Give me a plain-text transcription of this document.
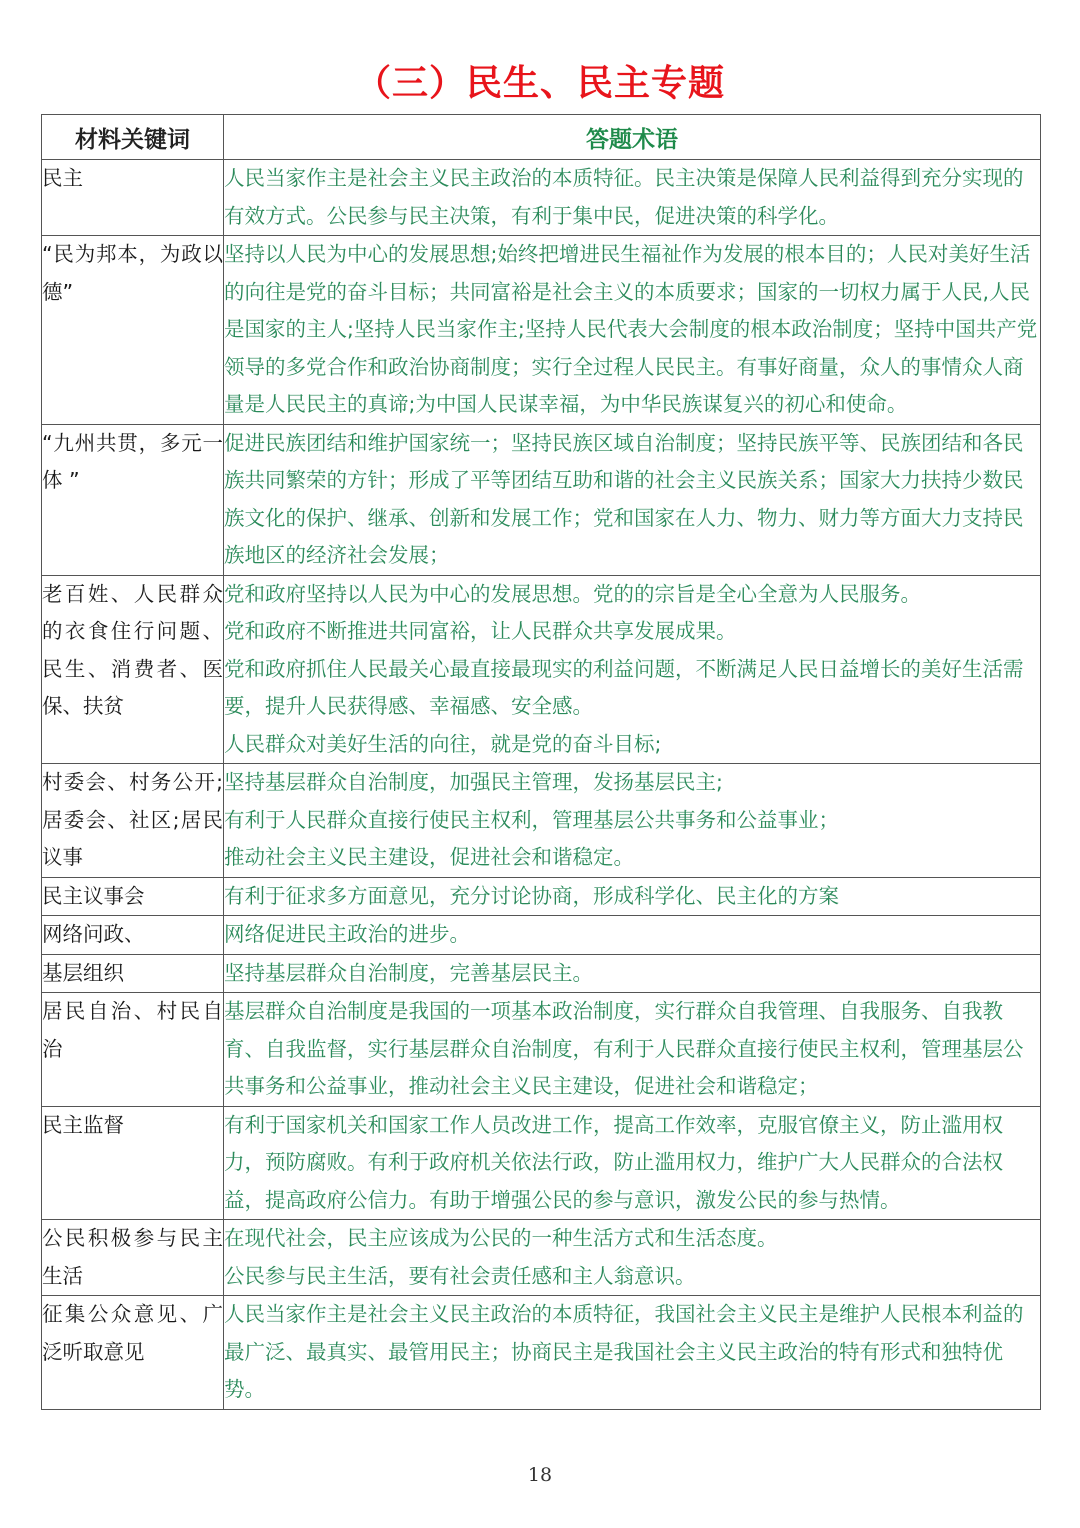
（三）民生、民主专题
材料关键词	答题术语
民主	人民当家作主是社会主义民主政治的本质特征。民主决策是保障人民利益得到充分实现的有效方式。公民参与民主决策，有利于集中民，促进决策的科学化。

“民为邦本，为政以德”	坚持以人民为中心的发展思想;始终把增进民生福祉作为发展的根本目的；人民对美好生活的向往是党的奋斗目标；共同富裕是社会主义的本质要求；国家的一切权力属于人民,人民是国家的主人;坚持人民当家作主;坚持人民代表大会制度的根本政治制度；坚持中国共产党领导的多党合作和政治协商制度；实行全过程人民民主。有事好商量，众人的事情众人商量是人民民主的真谛;为中国人民谋幸福，为中华民族谋复兴的初心和使命。

“九州共贯，多元一体 ”	促进民族团结和维护国家统一；坚持民族区域自治制度；坚持民族平等、民族团结和各民族共同繁荣的方针；形成了平等团结互助和谐的社会主义民族关系；国家大力扶持少数民族文化的保护、继承、创新和发展工作；党和国家在人力、物力、财力等方面大力支持民族地区的经济社会发展；

老百姓、人民群众的衣食住行问题、民生、消费者、医保、扶贫	党和政府坚持以人民为中心的发展思想。党的的宗旨是全心全意为人民服务。
党和政府不断推进共同富裕，让人民群众共享发展成果。
党和政府抓住人民最关心最直接最现实的利益问题，不断满足人民日益增长的美好生活需要，提升人民获得感、幸福感、安全感。
人民群众对美好生活的向往，就是党的奋斗目标;

村委会、村务公开;居委会、社区;居民议事	坚持基层群众自治制度，加强民主管理，发扬基层民主;
有利于人民群众直接行使民主权利，管理基层公共事务和公益事业；
推动社会主义民主建设，促进社会和谐稳定。

民主议事会	有利于征求多方面意见，充分讨论协商，形成科学化、民主化的方案

网络问政、	网络促进民主政治的进步。

基层组织	坚持基层群众自治制度，完善基层民主。

居民自治、村民自治	基层群众自治制度是我国的一项基本政治制度，实行群众自我管理、自我服务、自我教育、自我监督，实行基层群众自治制度，有利于人民群众直接行使民主权利，管理基层公共事务和公益事业，推动社会主义民主建设，促进社会和谐稳定；

民主监督	有利于国家机关和国家工作人员改进工作，提高工作效率，克服官僚主义，防止滥用权力，预防腐败。有利于政府机关依法行政，防止滥用权力，维护广大人民群众的合法权益，提高政府公信力。有助于增强公民的参与意识，激发公民的参与热情。

公民积极参与民主生活	在现代社会，民主应该成为公民的一种生活方式和生活态度。
公民参与民主生活，要有社会责任感和主人翁意识。

征集公众意见、广泛听取意见	人民当家作主是社会主义民主政治的本质特征，我国社会主义民主是维护人民根本利益的最广泛、最真实、最管用民主；协商民主是我国社会主义民主政治的特有形式和独特优势。
18
